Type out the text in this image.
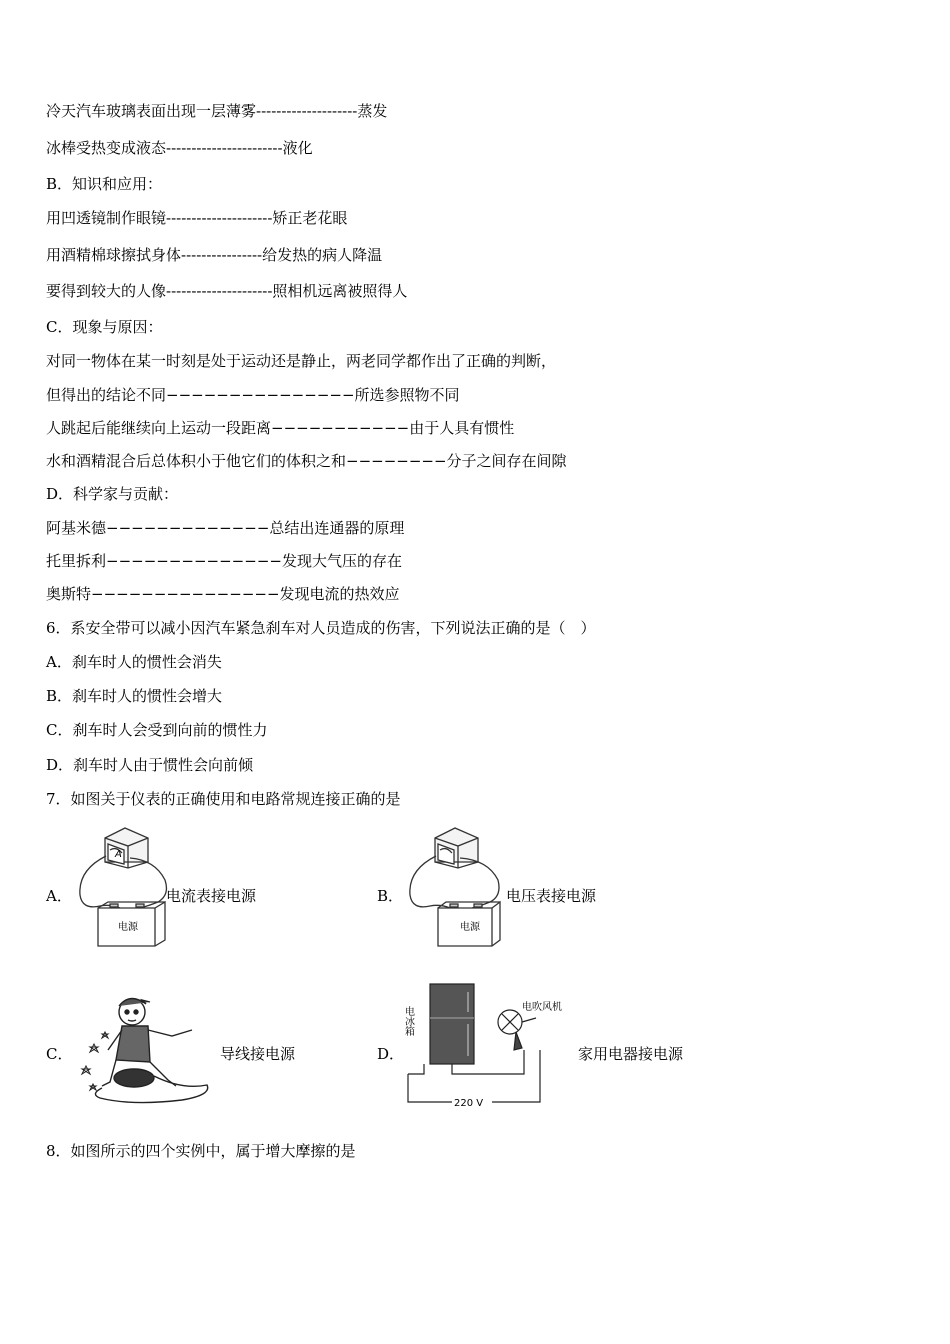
冷天汽车玻璃表面出现一层薄雾--------------------蒸发
冰棒受热变成液态-----------------------液化
B．知识和应用：
用凹透镜制作眼镜---------------------矫正老花眼
用酒精棉球擦拭身体----------------给发热的病人降温
要得到较大的人像---------------------照相机远离被照得人
C．现象与原因：
对同一物体在某一时刻是处于运动还是静止，两老同学都作出了正确的判断，
但得出的结论不同−−−−−−−−−−−−−−−所选参照物不同
人跳起后能继续向上运动一段距离−−−−−−−−−−−由于人具有惯性
水和酒精混合后总体积小于他它们的体积之和−−−−−−−−分子之间存在间隙
D．科学家与贡献：
阿基米德−−−−−−−−−−−−−总结出连通器的原理
托里拆利−−−−−−−−−−−−−−发现大气压的存在
奥斯特−−−−−−−−−−−−−−−发现电流的热效应
6．系安全带可以减小因汽车紧急刹车对人员造成的伤害，下列说法正确的是（　）
A．刹车时人的惯性会消失
B．刹车时人的惯性会增大
C．刹车时人会受到向前的惯性力
D．刹车时人由于惯性会向前倾
7．如图关于仪表的正确使用和电路常规连接正确的是
A．
A
电源
电流表接电源	B．
电源
电压表接电源
C．	导线接电源	D．
电冰箱	电吹风机
220 V
家用电器接电源
8．如图所示的四个实例中，属于增大摩擦的是
